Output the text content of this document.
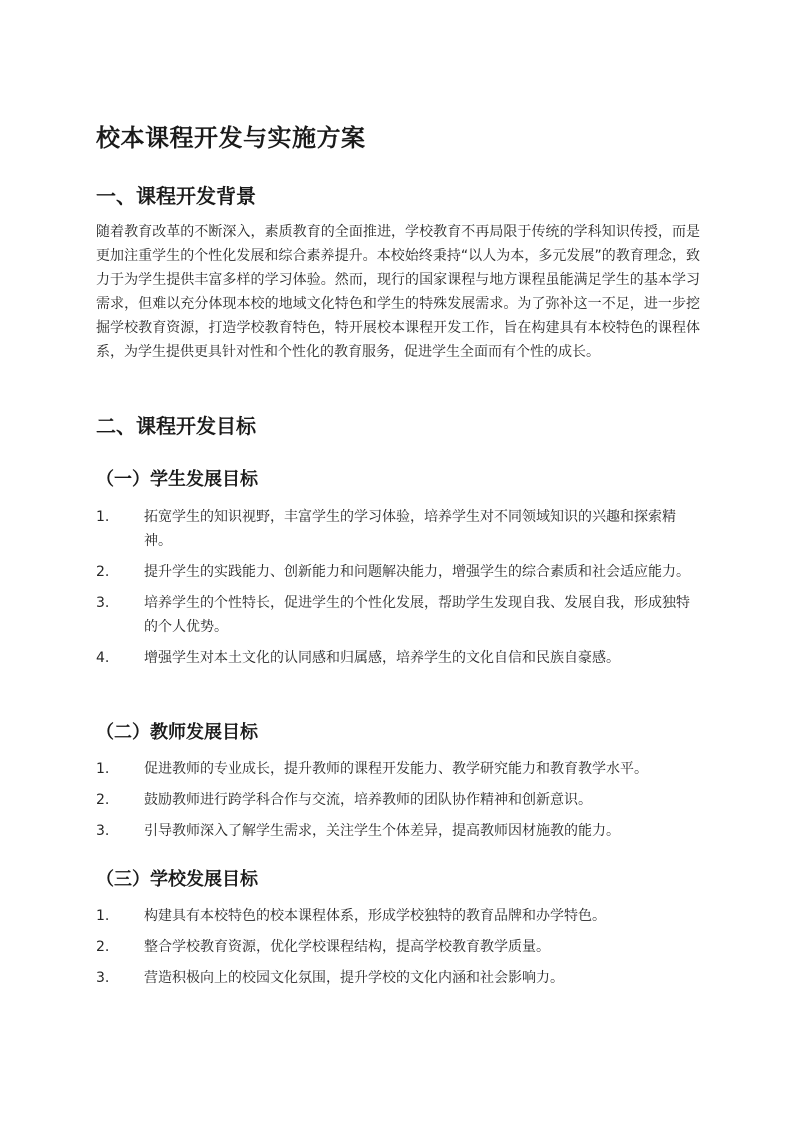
校本课程开发与实施方案
一、课程开发背景

随着教育改革的不断深入，素质教育的全面推进，学校教育不再局限于传统的学科知识传授，而是更加注重学生的个性化发展和综合素养提升。本校始终秉持“以人为本，多元发展”的教育理念，致力于为学生提供丰富多样的学习体验。然而，现行的国家课程与地方课程虽能满足学生的基本学习需求，但难以充分体现本校的地域文化特色和学生的特殊发展需求。为了弥补这一不足，进一步挖掘学校教育资源，打造学校教育特色，特开展校本课程开发工作，旨在构建具有本校特色的课程体系，为学生提供更具针对性和个性化的教育服务，促进学生全面而有个性的成长。

二、课程开发目标
（一）学生发展目标
1.	拓宽学生的知识视野，丰富学生的学习体验，培养学生对不同领域知识的兴趣和探索精神。
2.	提升学生的实践能力、创新能力和问题解决能力，增强学生的综合素质和社会适应能力。
3.	培养学生的个性特长，促进学生的个性化发展，帮助学生发现自我、发展自我，形成独特的个人优势。
4.	增强学生对本土文化的认同感和归属感，培养学生的文化自信和民族自豪感。
（二）教师发展目标
1.	促进教师的专业成长，提升教师的课程开发能力、教学研究能力和教育教学水平。
2.	鼓励教师进行跨学科合作与交流，培养教师的团队协作精神和创新意识。
3.	引导教师深入了解学生需求，关注学生个体差异，提高教师因材施教的能力。
（三）学校发展目标
1.	构建具有本校特色的校本课程体系，形成学校独特的教育品牌和办学特色。
2.	整合学校教育资源，优化学校课程结构，提高学校教育教学质量。
3.	营造积极向上的校园文化氛围，提升学校的文化内涵和社会影响力。
